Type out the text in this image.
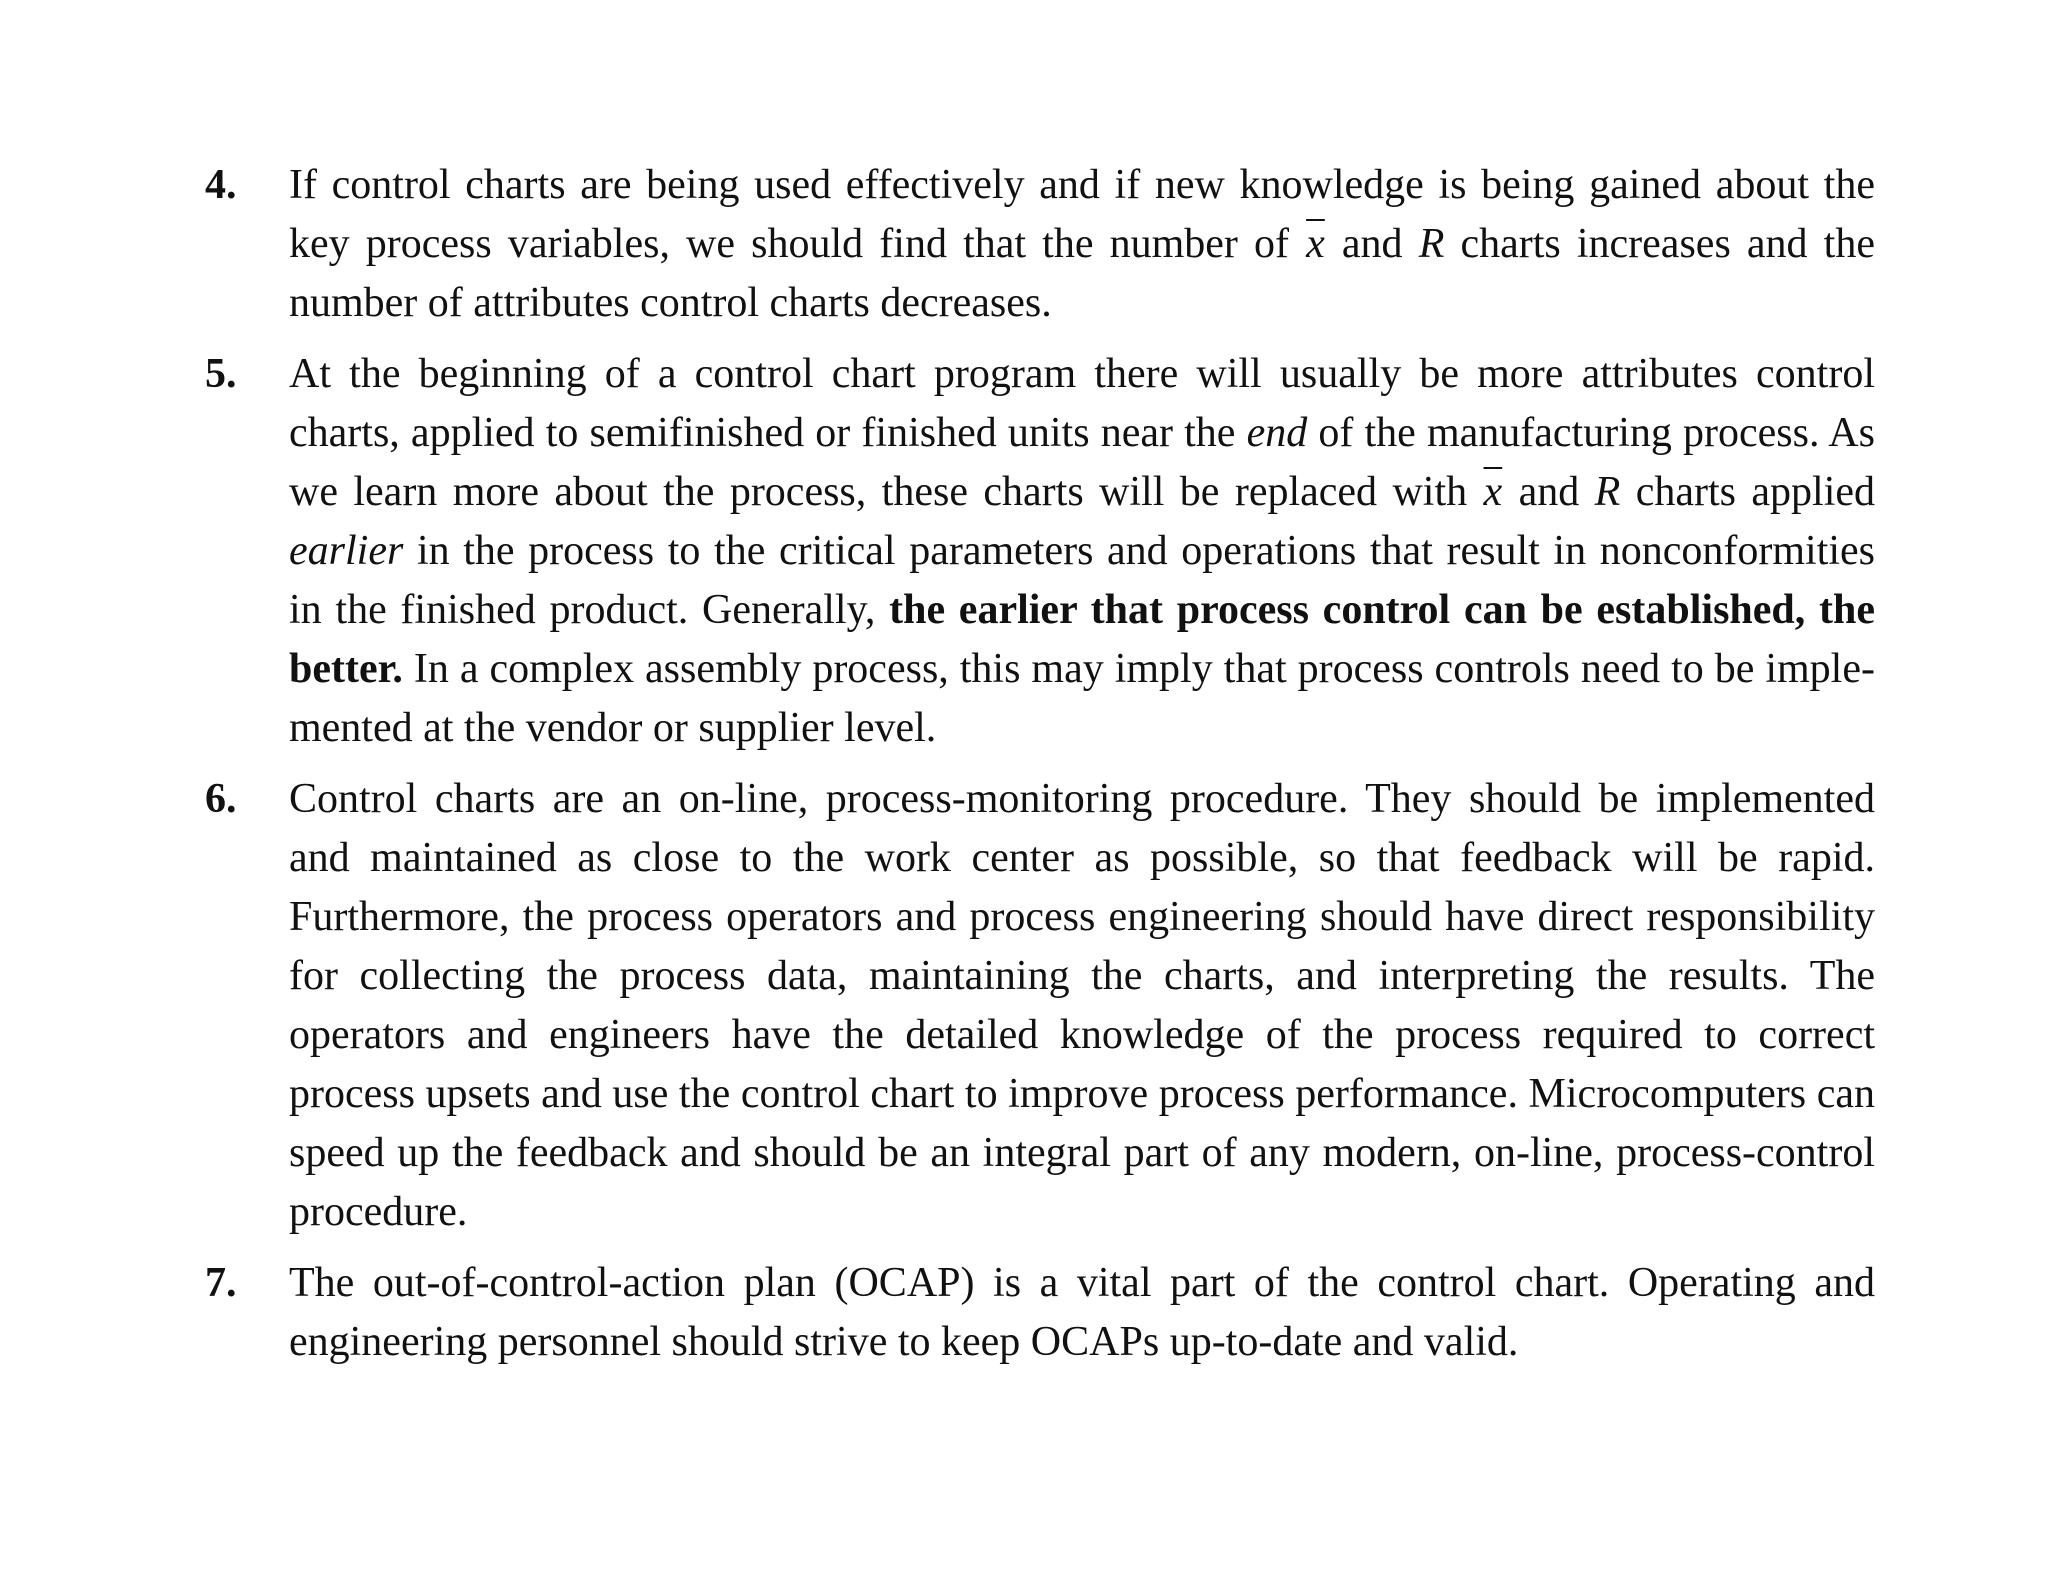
4.	If control charts are being used effectively and if new knowledge is being gained about the key process variables, we should find that the number of $\overline{x}$ and R charts increases and the number of attributes control charts decreases.
5.	At the beginning of a control chart program there will usually be more attributes control charts, applied to semifinished or finished units near the end of the manufacturing process. As we learn more about the process, these charts will be replaced with $\overline{x}$ and R charts applied earlier in the process to the critical parameters and operations that result in nonconformities in the finished product. Generally, the earlier that process control can be established, the better. In a complex assembly process, this may imply that process controls need to be implemented at the vendor or supplier level.
6.	Control charts are an on-line, process-monitoring procedure. They should be implemented and maintained as close to the work center as possible, so that feedback will be rapid. Furthermore, the process operators and process engineering should have direct responsibility for collecting the process data, maintaining the charts, and interpreting the results. The operators and engineers have the detailed knowledge of the process required to correct process upsets and use the control chart to improve process performance. Microcomputers can speed up the feedback and should be an integral part of any modern, on-line, process-control procedure.
7.	The out-of-control-action plan (OCAP) is a vital part of the control chart. Operating and engineering personnel should strive to keep OCAPs up-to-date and valid.
